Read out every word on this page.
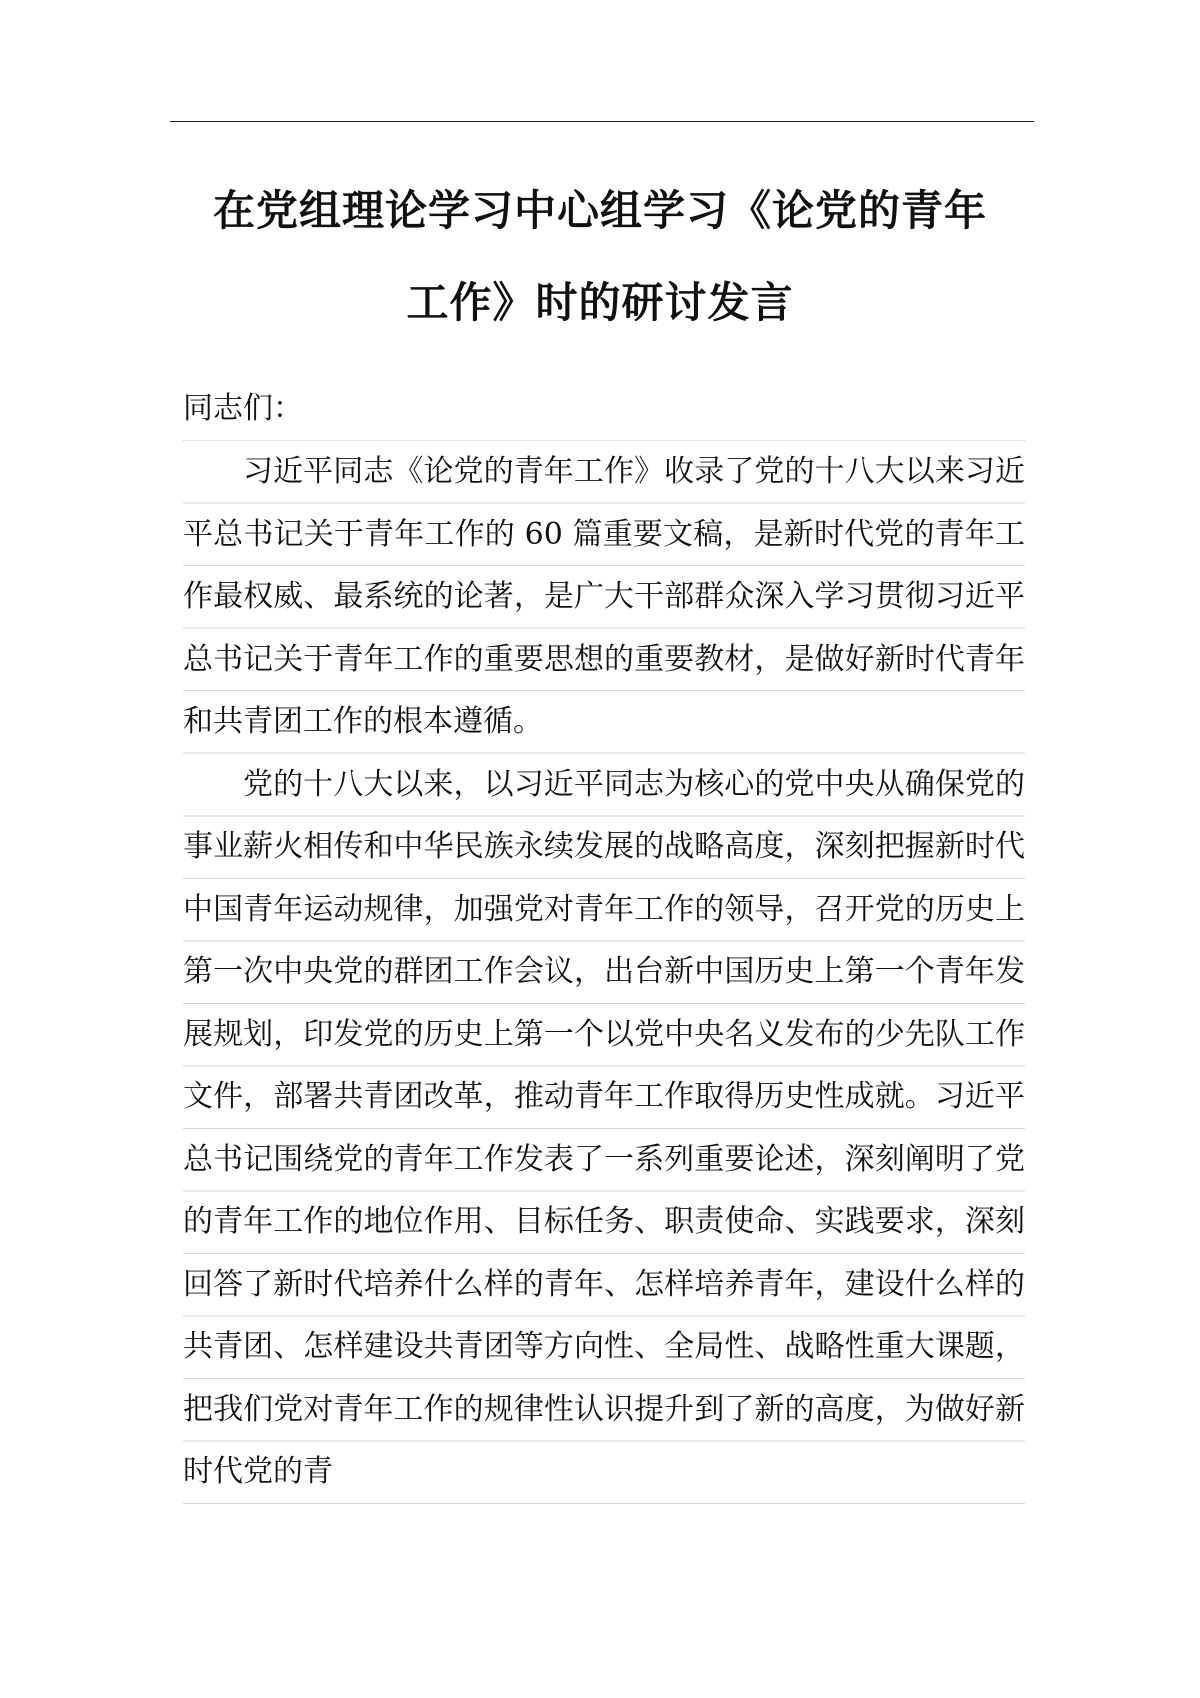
在党组理论学习中心组学习《论党的青年
工作》时的研讨发言

同志们：

习近平同志《论党的青年工作》收录了党的十八大以来习近平总书记关于青年工作的 60 篇重要文稿，是新时代党的青年工作最权威、最系统的论著，是广大干部群众深入学习贯彻习近平总书记关于青年工作的重要思想的重要教材，是做好新时代青年和共青团工作的根本遵循。

党的十八大以来，以习近平同志为核心的党中央从确保党的事业薪火相传和中华民族永续发展的战略高度，深刻把握新时代中国青年运动规律，加强党对青年工作的领导，召开党的历史上第一次中央党的群团工作会议，出台新中国历史上第一个青年发展规划，印发党的历史上第一个以党中央名义发布的少先队工作文件，部署共青团改革，推动青年工作取得历史性成就。习近平总书记围绕党的青年工作发表了一系列重要论述，深刻阐明了党的青年工作的地位作用、目标任务、职责使命、实践要求，深刻回答了新时代培养什么样的青年、怎样培养青年，建设什么样的共青团、怎样建设共青团等方向性、全局性、战略性重大课题，把我们党对青年工作的规律性认识提升到了新的高度，为做好新时代党的青
